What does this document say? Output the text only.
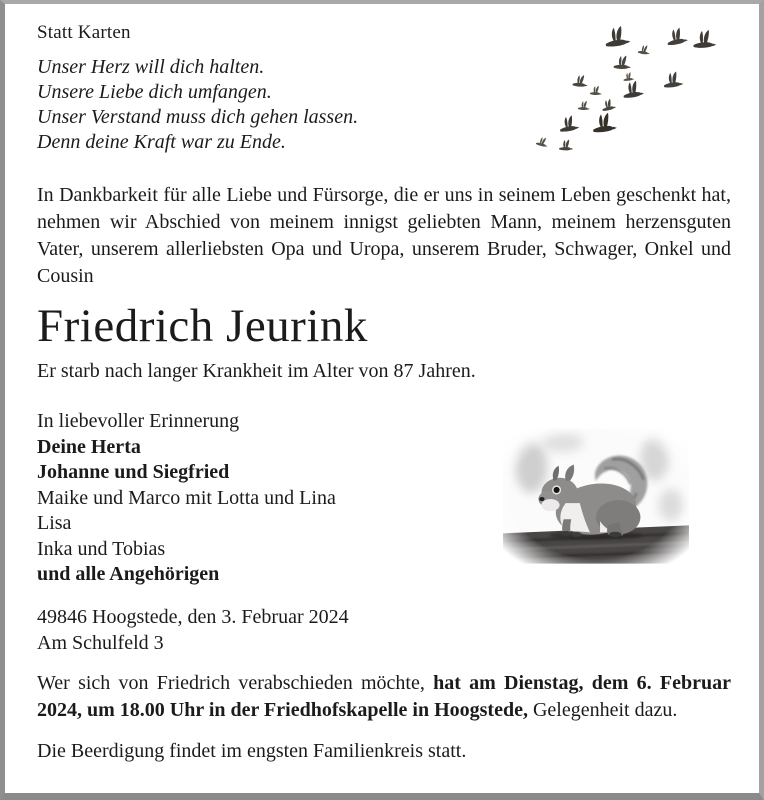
Statt Karten
Unser Herz will dich halten.
Unsere Liebe dich umfangen.
Unser Verstand muss dich gehen lassen.
Denn deine Kraft war zu Ende.
In Dankbarkeit für alle Liebe und Fürsorge, die er uns in seinem Leben geschenkt hat, nehmen wir Abschied von meinem innigst geliebten Mann, meinem herzensguten Vater, unserem allerliebsten Opa und Uropa, unserem Bruder, Schwager, Onkel und Cousin
Friedrich Jeurink
Er starb nach langer Krankheit im Alter von 87 Jahren.
In liebevoller Erinnerung
Deine Herta
Johanne und Siegfried
Maike und Marco mit Lotta und Lina
Lisa
Inka und Tobias
und alle Angehörigen
49846 Hoogstede, den 3. Februar 2024
Am Schulfeld 3
Wer sich von Friedrich verabschieden möchte, hat am Dienstag, dem 6. Februar 2024, um 18.00 Uhr in der Friedhofskapelle in Hoogstede, Gelegenheit dazu.
Die Beerdigung findet im engsten Familienkreis statt.
